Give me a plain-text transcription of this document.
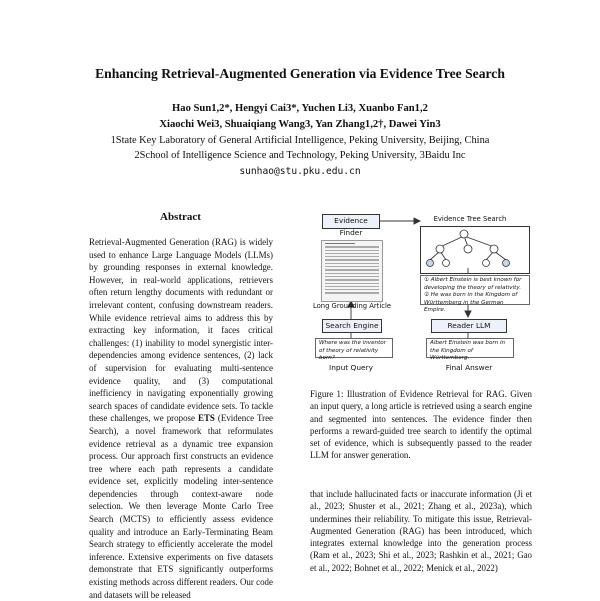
Enhancing Retrieval-Augmented Generation via Evidence Tree Search
Hao Sun1,2*, Hengyi Cai3*, Yuchen Li3, Xuanbo Fan1,2
Xiaochi Wei3, Shuaiqiang Wang3, Yan Zhang1,2†, Dawei Yin3
1State Key Laboratory of General Artificial Intelligence, Peking University, Beijing, China
2School of Intelligence Science and Technology, Peking University, 3Baidu Inc
sunhao@stu.pku.edu.cn
Abstract

Retrieval-Augmented Generation (RAG) is widely used to enhance Large Language Models (LLMs) by grounding responses in external knowledge. However, in real-world applications, retrievers often return lengthy documents with redundant or irrelevant content, confusing downstream readers. While evidence retrieval aims to address this by extracting key information, it faces critical challenges: (1) inability to model synergistic inter-dependencies among evidence sentences, (2) lack of supervision for evaluating multi-sentence evidence quality, and (3) computational inefficiency in navigating exponentially growing search spaces of candidate evidence sets. To tackle these challenges, we propose ETS (Evidence Tree Search), a novel framework that reformulates evidence retrieval as a dynamic tree expansion process. Our approach first constructs an evidence tree where each path represents a candidate evidence set, explicitly modeling inter-sentence dependencies through context-aware node selection. We then leverage Monte Carlo Tree Search (MCTS) to efficiently assess evidence quality and introduce an Early-Terminating Beam Search strategy to efficiently accelerate the model inference. Extensive experiments on five datasets demonstrate that ETS significantly outperforms existing methods across different readers. Our code and datasets will be released

Evidence Finder
Evidence Tree Search
Long Grounding Article
① Albert Einstein is best known for developing the theory of relativity.
② He was born in the Kingdom of Württemberg in the German Empire.
Search Engine	Reader LLM
Where was the inventor of theory of relativity born?
Albert Einstein was born in the Kingdom of Württemberg.
Input Query	Final Answer
Figure 1: Illustration of Evidence Retrieval for RAG. Given an input query, a long article is retrieved using a search engine and segmented into sentences. The evidence finder then performs a reward-guided tree search to identify the optimal set of evidence, which is subsequently passed to the reader LLM for answer generation.
that include hallucinated facts or inaccurate information (Ji et al., 2023; Shuster et al., 2021; Zhang et al., 2023a), which undermines their reliability. To mitigate this issue, Retrieval-Augmented Generation (RAG) has been introduced, which integrates external knowledge into the generation process (Ram et al., 2023; Shi et al., 2023; Rashkin et al., 2021; Gao et al., 2022; Bohnet et al., 2022; Menick et al., 2022)
